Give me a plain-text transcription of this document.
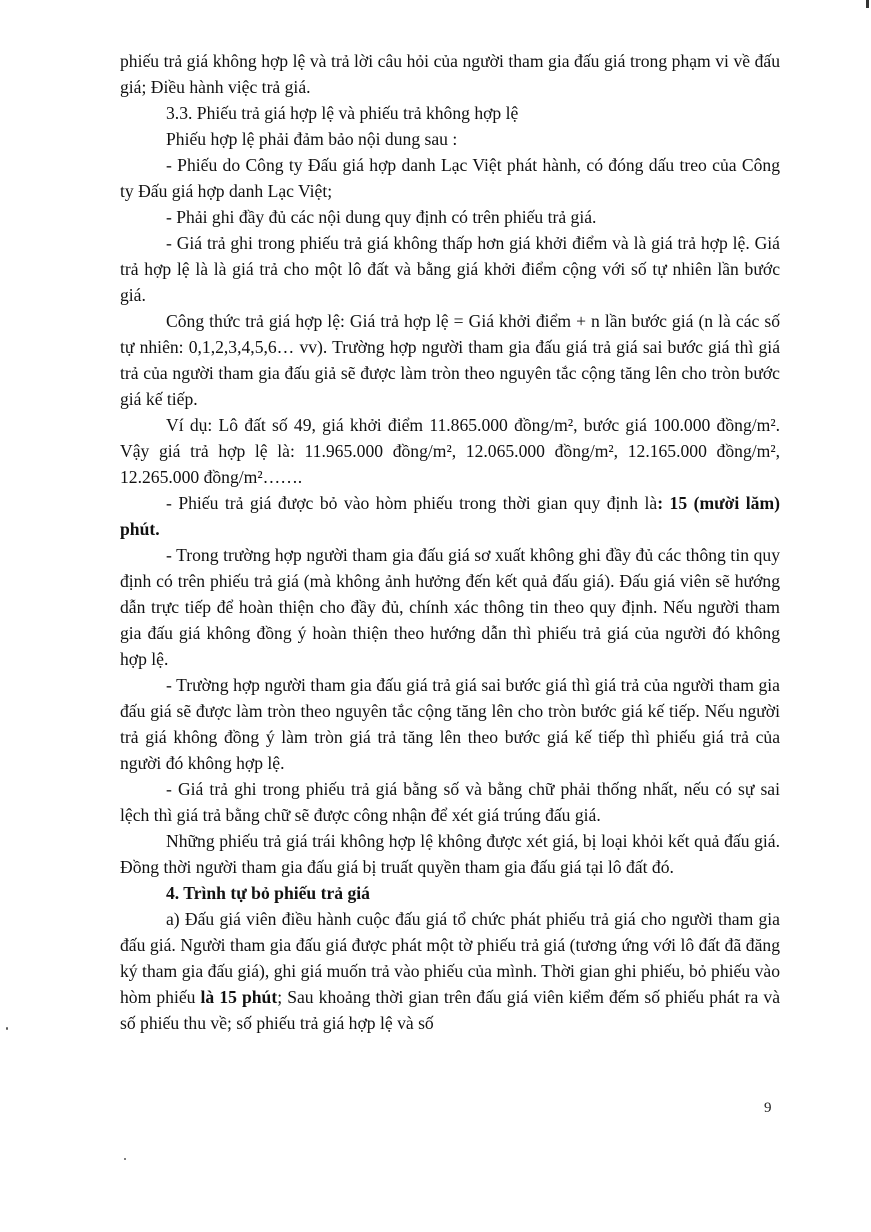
phiếu trả giá không hợp lệ và trả lời câu hỏi của người tham gia đấu giá trong phạm vi về đấu giá; Điều hành việc trả giá.

3.3. Phiếu trả giá hợp lệ và phiếu trả không hợp lệ

Phiếu hợp lệ phải đảm bảo nội dung sau :

- Phiếu do Công ty Đấu giá hợp danh Lạc Việt phát hành, có đóng dấu treo của Công ty Đấu giá hợp danh Lạc Việt;

- Phải ghi đầy đủ các nội dung quy định có trên phiếu trả giá.

- Giá trả ghi trong phiếu trả giá không thấp hơn giá khởi điểm và là giá trả hợp lệ. Giá trả hợp lệ là là giá trả cho một lô đất và bằng giá khởi điểm cộng với số tự nhiên lần bước giá.

Công thức trả giá hợp lệ: Giá trả hợp lệ = Giá khởi điểm + n lần bước giá (n là các số tự nhiên: 0,1,2,3,4,5,6… vv). Trường hợp người tham gia đấu giá trả giá sai bước giá thì giá trả của người tham gia đấu giả sẽ được làm tròn theo nguyên tắc cộng tăng lên cho tròn bước giá kế tiếp.

Ví dụ: Lô đất số 49, giá khởi điểm 11.865.000 đồng/m², bước giá 100.000 đồng/m². Vậy giá trả hợp lệ là: 11.965.000 đồng/m², 12.065.000 đồng/m², 12.165.000 đồng/m², 12.265.000 đồng/m²…….

- Phiếu trả giá được bỏ vào hòm phiếu trong thời gian quy định là: 15 (mười lăm) phút.

- Trong trường hợp người tham gia đấu giá sơ xuất không ghi đầy đủ các thông tin quy định có trên phiếu trả giá (mà không ảnh hưởng đến kết quả đấu giá). Đấu giá viên sẽ hướng dẫn trực tiếp để hoàn thiện cho đầy đủ, chính xác thông tin theo quy định. Nếu người tham gia đấu giá không đồng ý hoàn thiện theo hướng dẫn thì phiếu trả giá của người đó không hợp lệ.

- Trường hợp người tham gia đấu giá trả giá sai bước giá thì giá trả của người tham gia đấu giá sẽ được làm tròn theo nguyên tắc cộng tăng lên cho tròn bước giá kế tiếp. Nếu người trả giá không đồng ý làm tròn giá trả tăng lên theo bước giá kế tiếp thì phiếu giá trả của người đó không hợp lệ.

- Giá trả ghi trong phiếu trả giá bằng số và bằng chữ phải thống nhất, nếu có sự sai lệch thì giá trả bằng chữ sẽ được công nhận để xét giá trúng đấu giá.

Những phiếu trả giá trái không hợp lệ không được xét giá, bị loại khỏi kết quả đấu giá. Đồng thời người tham gia đấu giá bị truất quyền tham gia đấu giá tại lô đất đó.

4. Trình tự bỏ phiếu trả giá

a) Đấu giá viên điều hành cuộc đấu giá tổ chức phát phiếu trả giá cho người tham gia đấu giá. Người tham gia đấu giá được phát một tờ phiếu trả giá (tương ứng với lô đất đã đăng ký tham gia đấu giá), ghi giá muốn trả vào phiếu của mình. Thời gian ghi phiếu, bỏ phiếu vào hòm phiếu là 15 phút; Sau khoảng thời gian trên đấu giá viên kiểm đếm số phiếu phát ra và số phiếu thu về; số phiếu trả giá hợp lệ và số

9
